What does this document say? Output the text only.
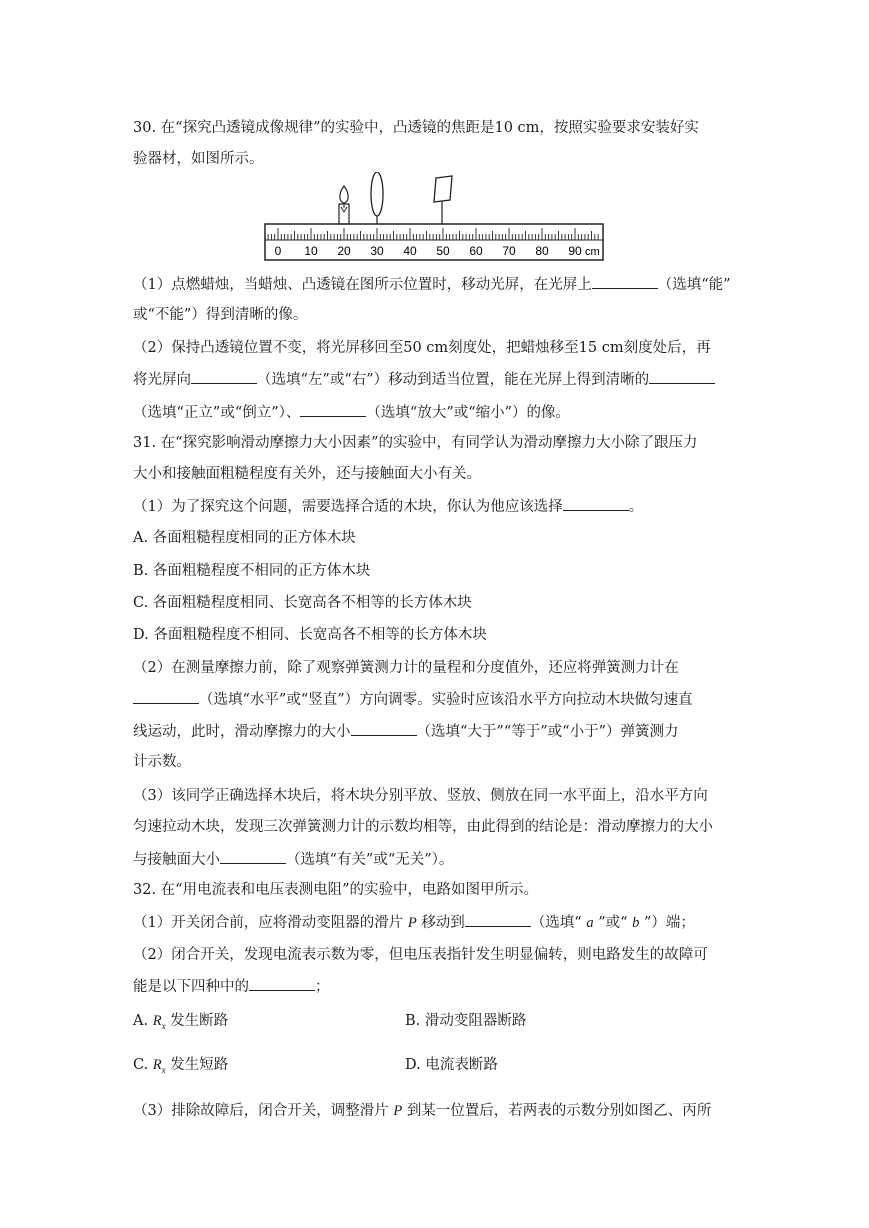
30. 在“探究凸透镜成像规律”的实验中，凸透镜的焦距是10 cm，按照实验要求安装好实
验器材，如图所示。
0 10 20 30 40 50 60 70 80 90 cm
（1）点燃蜡烛，当蜡烛、凸透镜在图所示位置时，移动光屏，在光屏上	（选填“能”
或“不能”）得到清晰的像。
（2）保持凸透镜位置不变，将光屏移回至50 cm刻度处，把蜡烛移至15 cm刻度处后，再
将光屏向	（选填“左”或“右”）移动到适当位置，能在光屏上得到清晰的
（选填“正立”或“倒立”）、	（选填“放大”或“缩小”）的像。
31. 在“探究影响滑动摩擦力大小因素”的实验中，有同学认为滑动摩擦力大小除了跟压力
大小和接触面粗糙程度有关外，还与接触面大小有关。
（1）为了探究这个问题，需要选择合适的木块，你认为他应该选择	。
A. 各面粗糙程度相同的正方体木块
B. 各面粗糙程度不相同的正方体木块
C. 各面粗糙程度相同、长宽高各不相等的长方体木块
D. 各面粗糙程度不相同、长宽高各不相等的长方体木块
（2）在测量摩擦力前，除了观察弹簧测力计的量程和分度值外，还应将弹簧测力计在
（选填“水平”或“竖直”）方向调零。实验时应该沿水平方向拉动木块做匀速直
线运动，此时，滑动摩擦力的大小	（选填“大于”“等于”或“小于”）弹簧测力
计示数。
（3）该同学正确选择木块后，将木块分别平放、竖放、侧放在同一水平面上，沿水平方向
匀速拉动木块，发现三次弹簧测力计的示数均相等，由此得到的结论是：滑动摩擦力的大小
与接触面大小	（选填“有关”或“无关”）。
32. 在“用电流表和电压表测电阻”的实验中，电路如图甲所示。
（1）开关闭合前，应将滑动变阻器的滑片 P 移动到	（选填“ a ”或“ b ”）端；
（2）闭合开关，发现电流表示数为零，但电压表指针发生明显偏转，则电路发生的故障可
能是以下四种中的	；
A. $R_x$ 发生断路	B. 滑动变阻器断路
C. $R_x$ 发生短路	D. 电流表断路
（3）排除故障后，闭合开关，调整滑片 P 到某一位置后，若两表的示数分别如图乙、丙所
